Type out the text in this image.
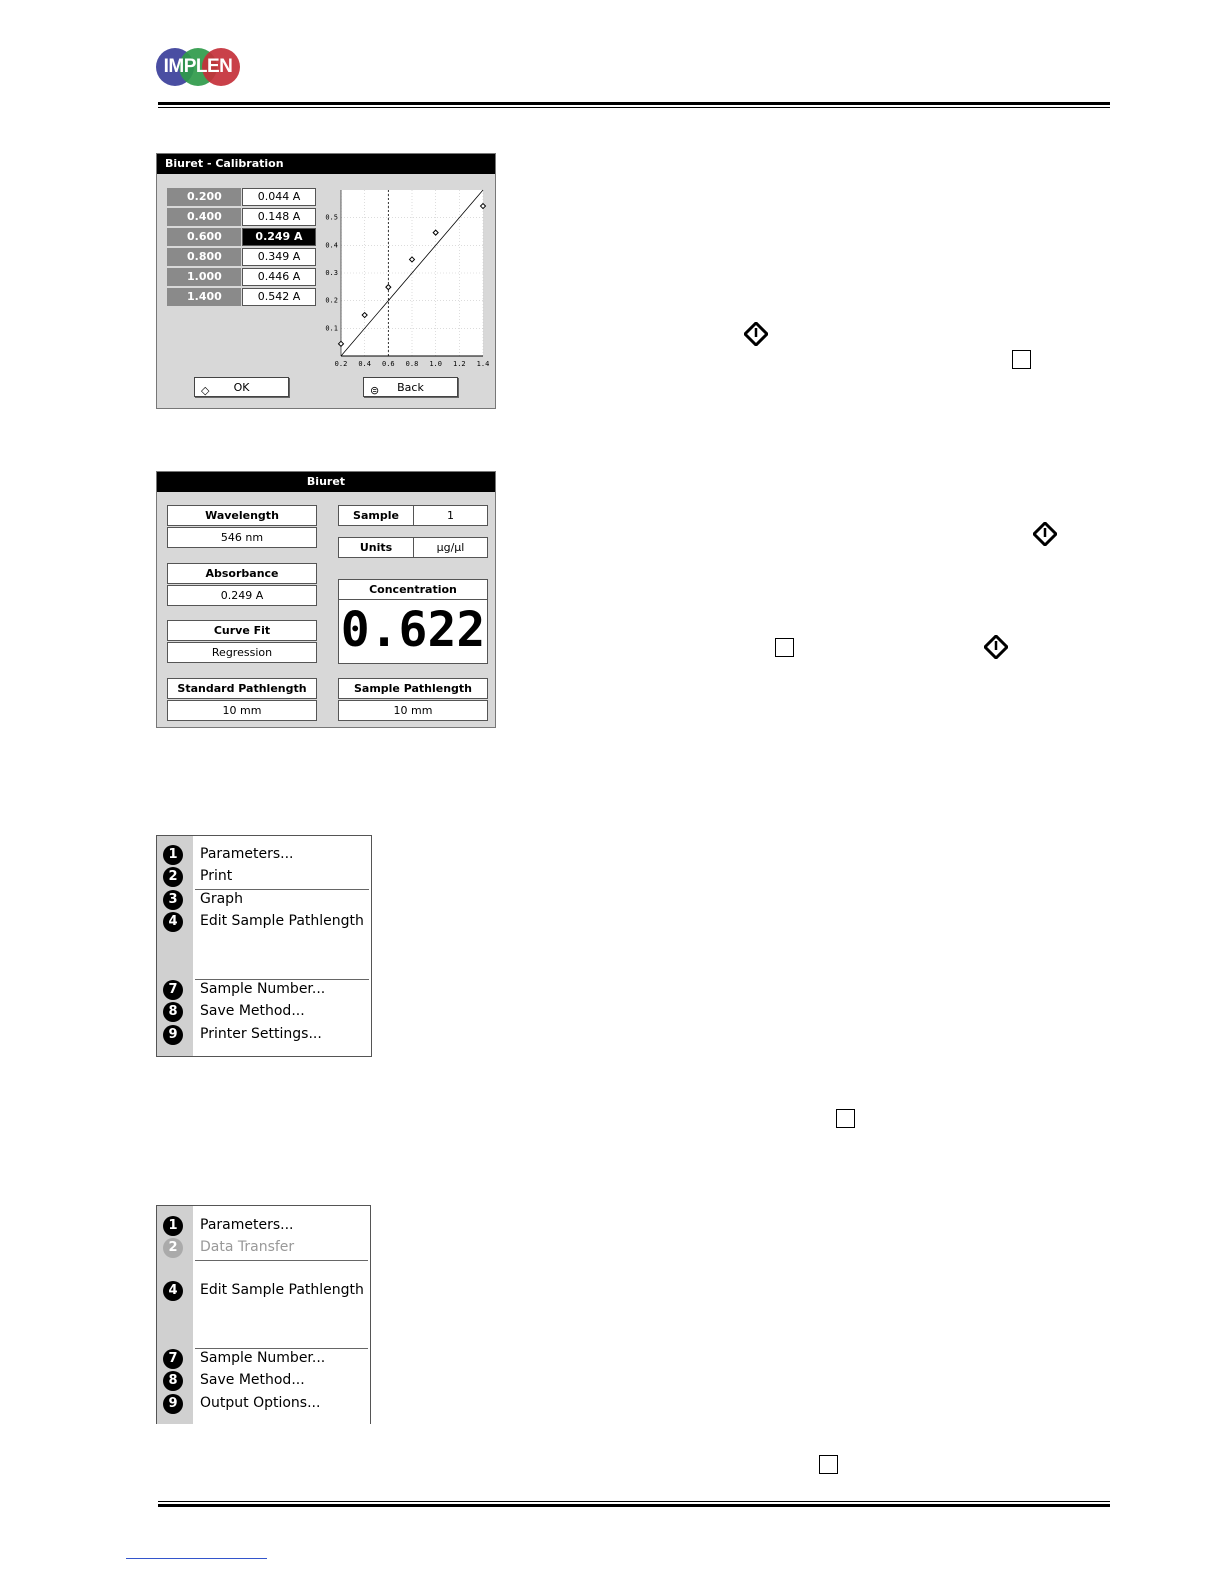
IMPLEN
Biuret - Calibration
0.200	0.044 A
0.400	0.148 A
0.600	0.249 A
0.800	0.349 A
1.000	0.446 A
1.400	0.542 A
0.2 0.4 0.6 0.8 1.0 1.2 1.4
0.1
0.2
0.3
0.4
0.5
◇ OK	⊜ Back
Biuret
Wavelength
546 nm
Absorbance
0.249 A
Curve Fit
Regression
Standard Pathlength
10 mm
Sample	1
Units	µg/µl
Concentration
0.622
Sample Pathlength
10 mm
1	Parameters...
2	Print
3	Graph
4	Edit Sample Pathlength
7	Sample Number...
8	Save Method...
9	Printer Settings...
1	Parameters...
2	Data Transfer
4	Edit Sample Pathlength
7	Sample Number...
8	Save Method...
9	Output Options...
